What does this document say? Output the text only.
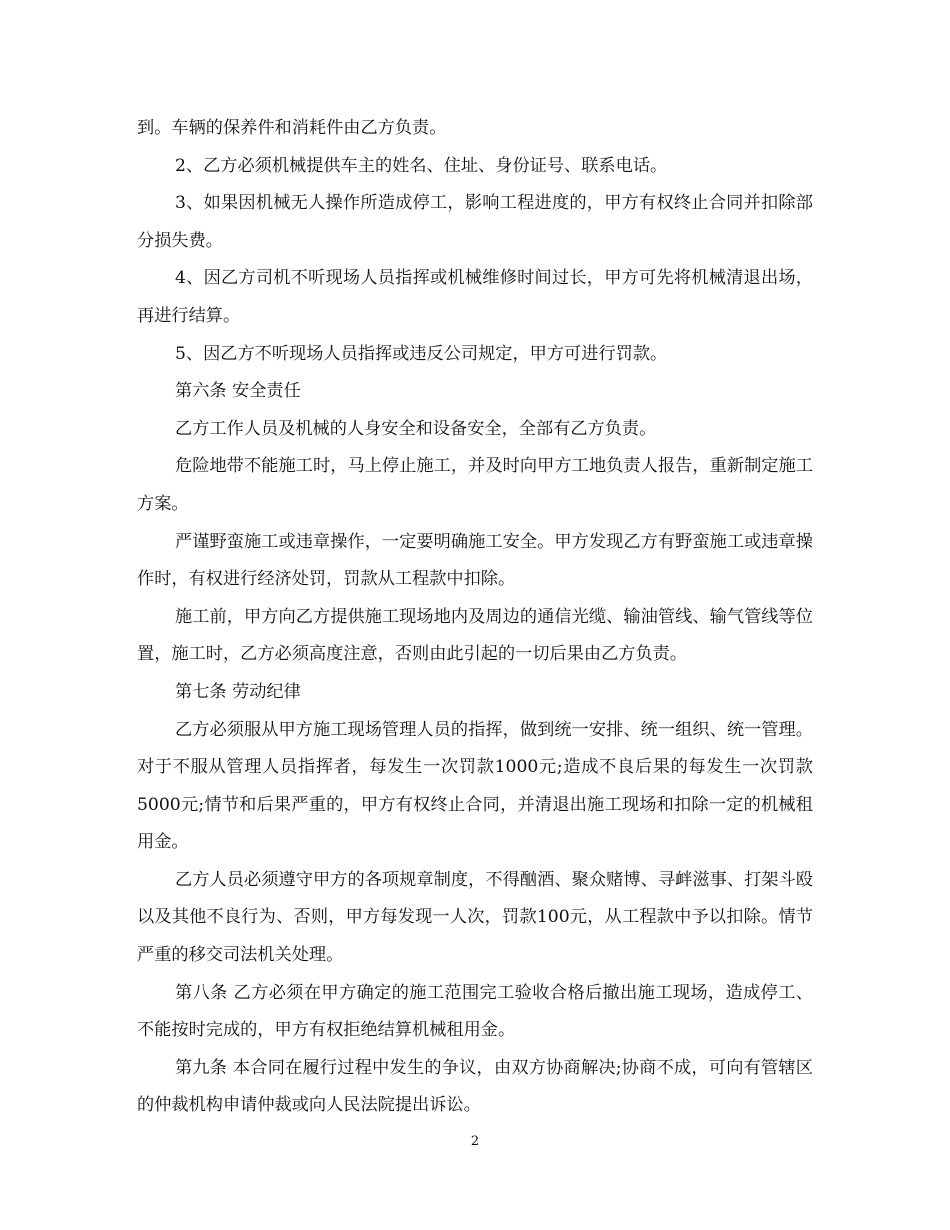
到。车辆的保养件和消耗件由乙方负责。

2、乙方必须机械提供车主的姓名、住址、身份证号、联系电话。

3、如果因机械无人操作所造成停工，影响工程进度的，甲方有权终止合同并扣除部分损失费。

4、因乙方司机不听现场人员指挥或机械维修时间过长，甲方可先将机械清退出场，再进行结算。

5、因乙方不听现场人员指挥或违反公司规定，甲方可进行罚款。

第六条 安全责任

乙方工作人员及机械的人身安全和设备安全，全部有乙方负责。

危险地带不能施工时，马上停止施工，并及时向甲方工地负责人报告，重新制定施工方案。

严谨野蛮施工或违章操作，一定要明确施工安全。甲方发现乙方有野蛮施工或违章操作时，有权进行经济处罚，罚款从工程款中扣除。

施工前，甲方向乙方提供施工现场地内及周边的通信光缆、输油管线、输气管线等位置，施工时，乙方必须高度注意，否则由此引起的一切后果由乙方负责。

第七条 劳动纪律

乙方必须服从甲方施工现场管理人员的指挥，做到统一安排、统一组织、统一管理。对于不服从管理人员指挥者，每发生一次罚款1000元;造成不良后果的每发生一次罚款5000元;情节和后果严重的，甲方有权终止合同，并清退出施工现场和扣除一定的机械租用金。

乙方人员必须遵守甲方的各项规章制度，不得酗酒、聚众赌博、寻衅滋事、打架斗殴以及其他不良行为、否则，甲方每发现一人次，罚款100元，从工程款中予以扣除。情节严重的移交司法机关处理。

第八条 乙方必须在甲方确定的施工范围完工验收合格后撤出施工现场，造成停工、不能按时完成的，甲方有权拒绝结算机械租用金。

第九条 本合同在履行过程中发生的争议，由双方协商解决;协商不成，可向有管辖区的仲裁机构申请仲裁或向人民法院提出诉讼。

2
